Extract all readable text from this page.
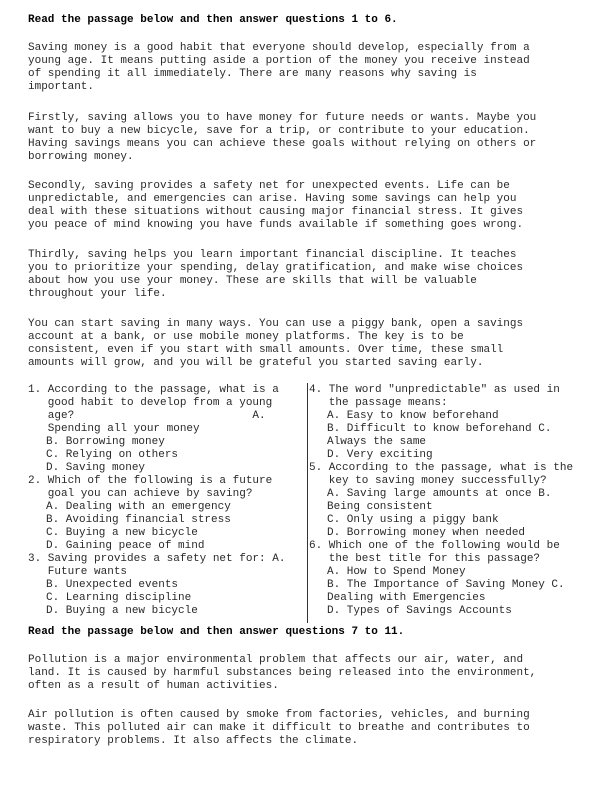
Read the passage below and then answer questions 1 to 6.

Saving money is a good habit that everyone should develop, especially from a
young age. It means putting aside a portion of the money you receive instead
of spending it all immediately. There are many reasons why saving is
important.

Firstly, saving allows you to have money for future needs or wants. Maybe you
want to buy a new bicycle, save for a trip, or contribute to your education.
Having savings means you can achieve these goals without relying on others or
borrowing money.

Secondly, saving provides a safety net for unexpected events. Life can be
unpredictable, and emergencies can arise. Having some savings can help you
deal with these situations without causing major financial stress. It gives
you peace of mind knowing you have funds available if something goes wrong.

Thirdly, saving helps you learn important financial discipline. It teaches
you to prioritize your spending, delay gratification, and make wise choices
about how you use your money. These are skills that will be valuable
throughout your life.

You can start saving in many ways. You can use a piggy bank, open a savings
account at a bank, or use mobile money platforms. The key is to be
consistent, even if you start with small amounts. Over time, these small
amounts will grow, and you will be grateful you started saving early.

1. According to the passage, what is a
good habit to develop from a young
age?                           A.
Spending all your money

B. Borrowing money

C. Relying on others

D. Saving money

2. Which of the following is a future
goal you can achieve by saving?

A. Dealing with an emergency

B. Avoiding financial stress

C. Buying a new bicycle

D. Gaining peace of mind

3. Saving provides a safety net for: A.
Future wants

B. Unexpected events

C. Learning discipline

D. Buying a new bicycle

4. The word "unpredictable" as used in
the passage means:

A. Easy to know beforehand

B. Difficult to know beforehand C.
Always the same

D. Very exciting

5. According to the passage, what is the
key to saving money successfully?

A. Saving large amounts at once B.
Being consistent

C. Only using a piggy bank

D. Borrowing money when needed

6. Which one of the following would be
the best title for this passage?

A. How to Spend Money

B. The Importance of Saving Money C.
Dealing with Emergencies

D. Types of Savings Accounts

Read the passage below and then answer questions 7 to 11.

Pollution is a major environmental problem that affects our air, water, and
land. It is caused by harmful substances being released into the environment,
often as a result of human activities.

Air pollution is often caused by smoke from factories, vehicles, and burning
waste. This polluted air can make it difficult to breathe and contributes to
respiratory problems. It also affects the climate.
